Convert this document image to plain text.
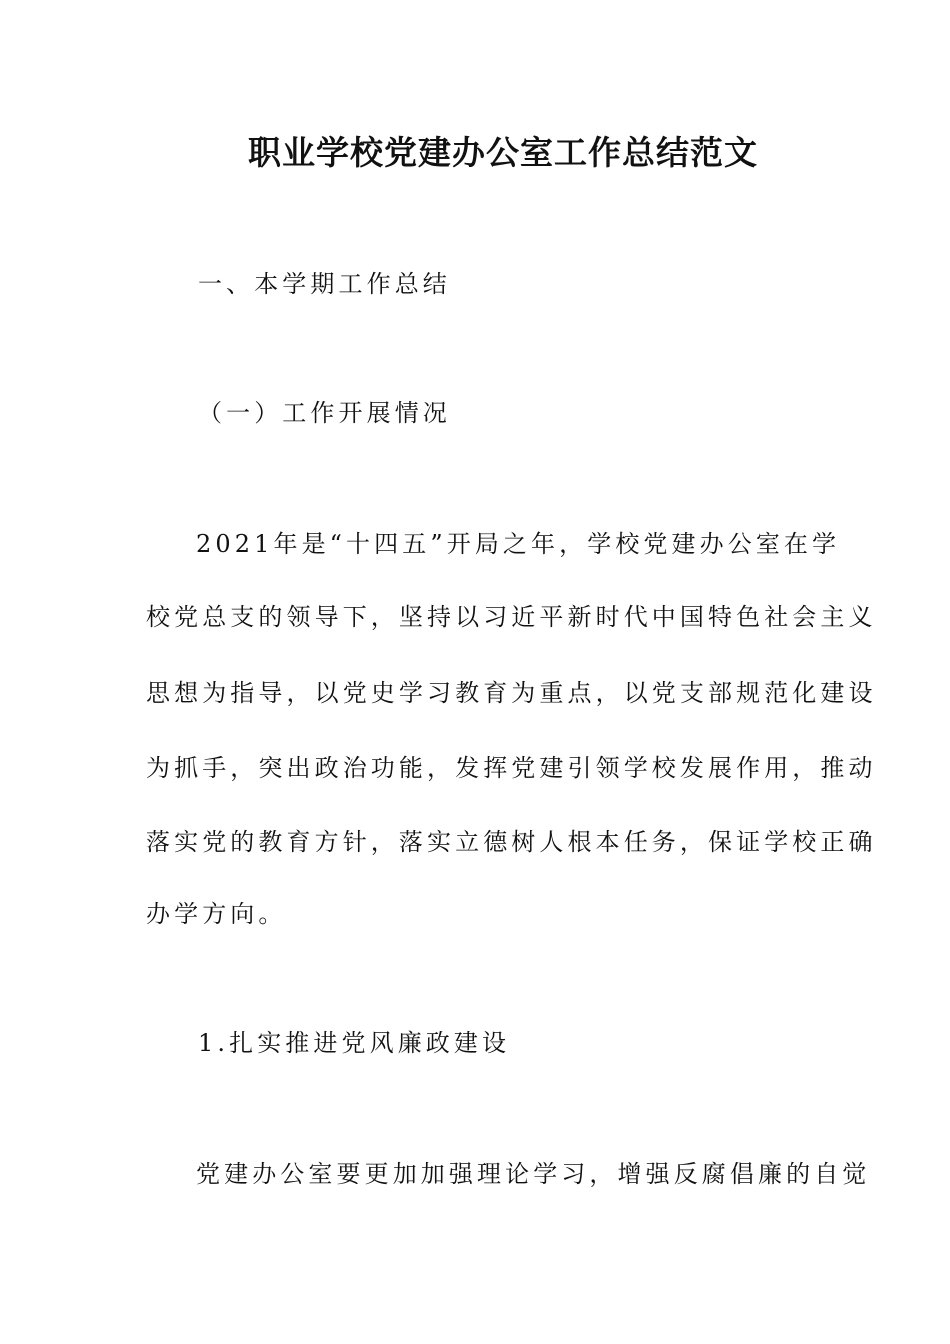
职业学校党建办公室工作总结范文
一、本学期工作总结
（一）工作开展情况
2021年是“十四五”开局之年，学校党建办公室在学
校党总支的领导下，坚持以习近平新时代中国特色社会主义
思想为指导，以党史学习教育为重点，以党支部规范化建设
为抓手，突出政治功能，发挥党建引领学校发展作用，推动
落实党的教育方针，落实立德树人根本任务，保证学校正确
办学方向。
1.扎实推进党风廉政建设
党建办公室要更加加强理论学习，增强反腐倡廉的自觉
